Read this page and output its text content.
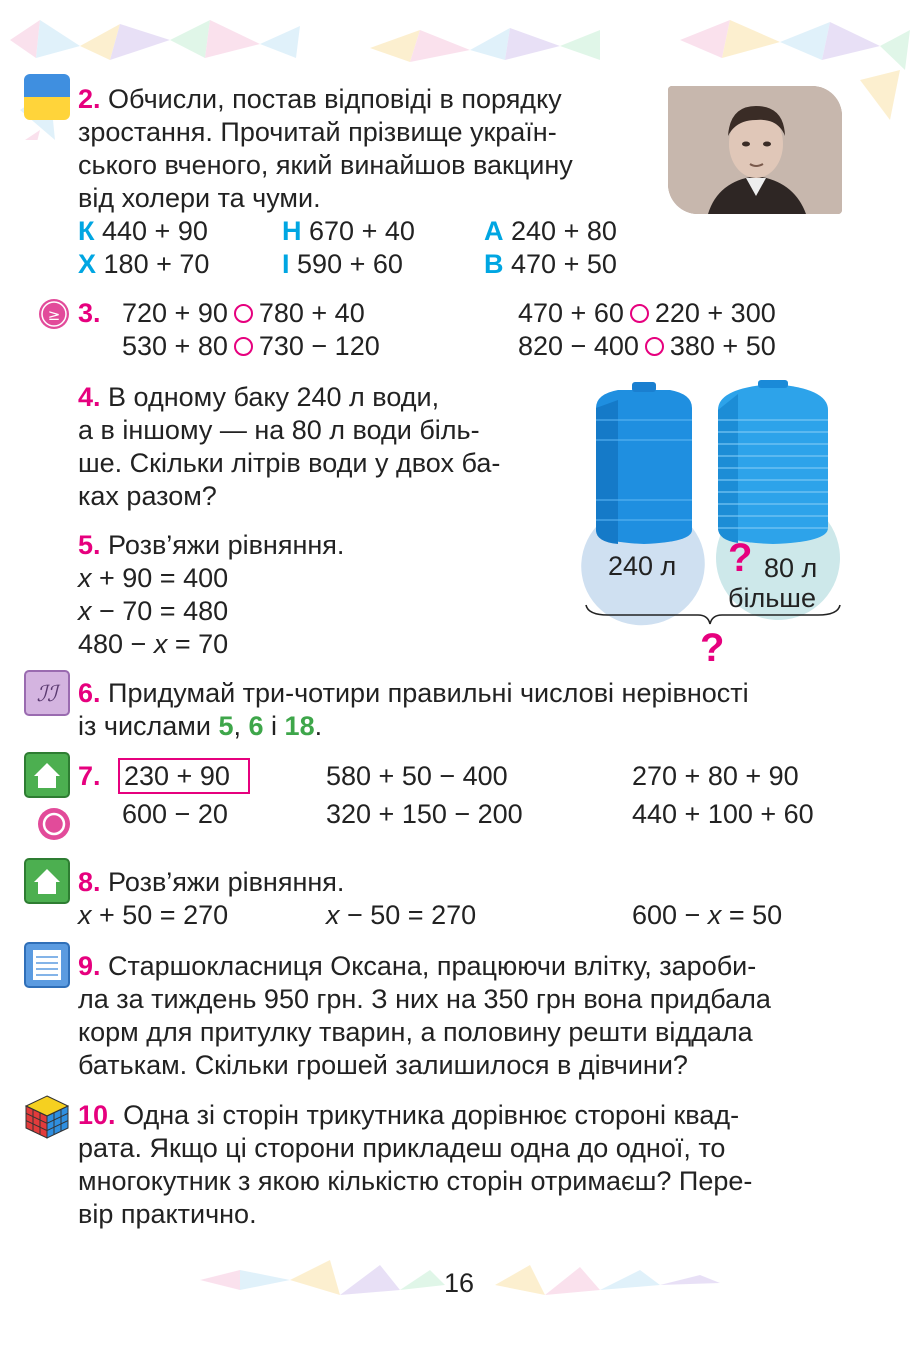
2. Обчисли, постав відповіді в порядку
зростання. Прочитай прізвище украïн-
ського вченого, який винайшов вакцину
від холери та чуми.
К 440 + 90	Н 670 + 40	А 240 + 80
Х 180 + 70	І 590 + 60	В 470 + 50
≥ 3. 720 + 90 780 + 40	470 + 60 220 + 300
530 + 80 730 − 120	820 − 400 380 + 50
4. В одному баку 240 л води,
а в іншому — на 80 л води біль-
ше. Скільки літрів води у двох ба-
ках разом?
240 л ? 80 л
більше
?
5. Розв’яжи рівняння.
x + 90 = 400
x − 70 = 480
480 − x = 70
ℐℐ 6. Придумай три-чотири правильні числові нерівності
із числами 5, 6 і 18.
7. 230 + 90	580 + 50 − 400	270 + 80 + 90
600 − 20	320 + 150 − 200	440 + 100 + 60
8. Розв’яжи рівняння.
x + 50 = 270	x − 50 = 270	600 − x = 50
9. Старшокласниця Оксана, працюючи влітку, зароби-
ла за тиждень 950 грн. З них на 350 грн вона придбала
корм для притулку тварин, а половину решти віддала
батькам. Скільки грошей залишилося в дівчини?
10. Одна зі сторін трикутника дорівнює стороні квад-
рата. Якщо ці сторони прикладеш одна до одної, то
многокутник з якою кількістю сторін отримаєш? Пере-
вір практично.
16
